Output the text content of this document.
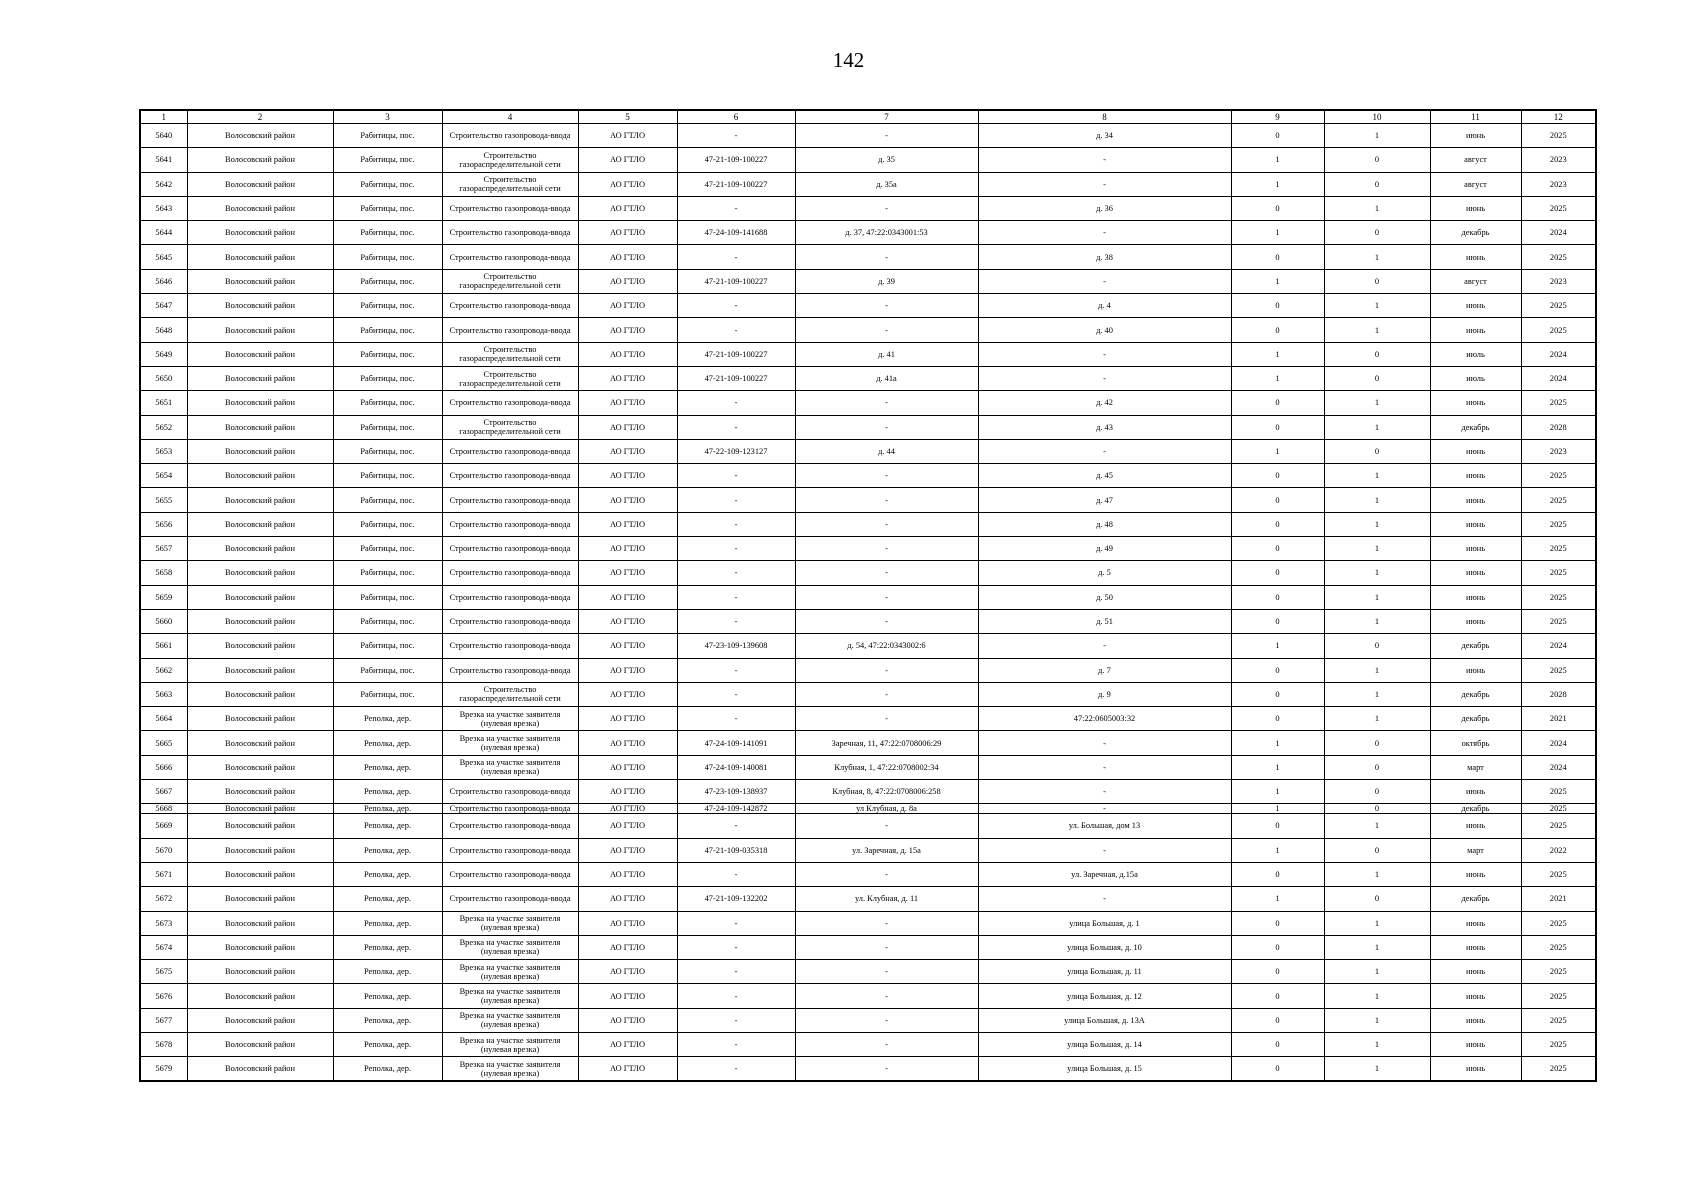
142
1	2	3	4	5	6	7	8	9	10	11	12
5640	Волосовский район	Рабитицы, пос.	Строительство газопровода-ввода	АО ГТЛО	-	-	д. 34	0	1	июнь	2025
5641	Волосовский район	Рабитицы, пос.	Строительство газораспределительной сети	АО ГТЛО	47-21-109-100227	д. 35	-	1	0	август	2023
5642	Волосовский район	Рабитицы, пос.	Строительство газораспределительной сети	АО ГТЛО	47-21-109-100227	д. 35а	-	1	0	август	2023
5643	Волосовский район	Рабитицы, пос.	Строительство газопровода-ввода	АО ГТЛО	-	-	д. 36	0	1	июнь	2025
5644	Волосовский район	Рабитицы, пос.	Строительство газопровода-ввода	АО ГТЛО	47-24-109-141688	д. 37, 47:22:0343001:53	-	1	0	декабрь	2024
5645	Волосовский район	Рабитицы, пос.	Строительство газопровода-ввода	АО ГТЛО	-	-	д. 38	0	1	июнь	2025
5646	Волосовский район	Рабитицы, пос.	Строительство газораспределительной сети	АО ГТЛО	47-21-109-100227	д. 39	-	1	0	август	2023
5647	Волосовский район	Рабитицы, пос.	Строительство газопровода-ввода	АО ГТЛО	-	-	д. 4	0	1	июнь	2025
5648	Волосовский район	Рабитицы, пос.	Строительство газопровода-ввода	АО ГТЛО	-	-	д. 40	0	1	июнь	2025
5649	Волосовский район	Рабитицы, пос.	Строительство газораспределительной сети	АО ГТЛО	47-21-109-100227	д. 41	-	1	0	июль	2024
5650	Волосовский район	Рабитицы, пос.	Строительство газораспределительной сети	АО ГТЛО	47-21-109-100227	д. 41а	-	1	0	июль	2024
5651	Волосовский район	Рабитицы, пос.	Строительство газопровода-ввода	АО ГТЛО	-	-	д. 42	0	1	июнь	2025
5652	Волосовский район	Рабитицы, пос.	Строительство газораспределительной сети	АО ГТЛО	-	-	д. 43	0	1	декабрь	2028
5653	Волосовский район	Рабитицы, пос.	Строительство газопровода-ввода	АО ГТЛО	47-22-109-123127	д. 44	-	1	0	июнь	2023
5654	Волосовский район	Рабитицы, пос.	Строительство газопровода-ввода	АО ГТЛО	-	-	д. 45	0	1	июнь	2025
5655	Волосовский район	Рабитицы, пос.	Строительство газопровода-ввода	АО ГТЛО	-	-	д. 47	0	1	июнь	2025
5656	Волосовский район	Рабитицы, пос.	Строительство газопровода-ввода	АО ГТЛО	-	-	д. 48	0	1	июнь	2025
5657	Волосовский район	Рабитицы, пос.	Строительство газопровода-ввода	АО ГТЛО	-	-	д. 49	0	1	июнь	2025
5658	Волосовский район	Рабитицы, пос.	Строительство газопровода-ввода	АО ГТЛО	-	-	д. 5	0	1	июнь	2025
5659	Волосовский район	Рабитицы, пос.	Строительство газопровода-ввода	АО ГТЛО	-	-	д. 50	0	1	июнь	2025
5660	Волосовский район	Рабитицы, пос.	Строительство газопровода-ввода	АО ГТЛО	-	-	д. 51	0	1	июнь	2025
5661	Волосовский район	Рабитицы, пос.	Строительство газопровода-ввода	АО ГТЛО	47-23-109-139608	д. 54, 47:22:0343002:6	-	1	0	декабрь	2024
5662	Волосовский район	Рабитицы, пос.	Строительство газопровода-ввода	АО ГТЛО	-	-	д. 7	0	1	июнь	2025
5663	Волосовский район	Рабитицы, пос.	Строительство газораспределительной сети	АО ГТЛО	-	-	д. 9	0	1	декабрь	2028
5664	Волосовский район	Реполка, дер.	Врезка на участке заявителя (нулевая врезка)	АО ГТЛО	-	-	47:22:0605003:32	0	1	декабрь	2021
5665	Волосовский район	Реполка, дер.	Врезка на участке заявителя (нулевая врезка)	АО ГТЛО	47-24-109-141091	Заречная, 11, 47:22:0708006:29	-	1	0	октябрь	2024
5666	Волосовский район	Реполка, дер.	Врезка на участке заявителя (нулевая врезка)	АО ГТЛО	47-24-109-140081	Клубная, 1, 47:22:0708002:34	-	1	0	март	2024
5667	Волосовский район	Реполка, дер.	Строительство газопровода-ввода	АО ГТЛО	47-23-109-138937	Клубная, 8, 47:22:0708006:258	-	1	0	июнь	2025
5668	Волосовский район	Реполка, дер.	Строительство газопровода-ввода	АО ГТЛО	47-24-109-142872	ул Клубная, д. 8а	-	1	0	декабрь	2025
5669	Волосовский район	Реполка, дер.	Строительство газопровода-ввода	АО ГТЛО	-	-	ул. Большая, дом 13	0	1	июнь	2025
5670	Волосовский район	Реполка, дер.	Строительство газопровода-ввода	АО ГТЛО	47-21-109-035318	ул. Заречная, д. 15а	-	1	0	март	2022
5671	Волосовский район	Реполка, дер.	Строительство газопровода-ввода	АО ГТЛО	-	-	ул. Заречная, д.15а	0	1	июнь	2025
5672	Волосовский район	Реполка, дер.	Строительство газопровода-ввода	АО ГТЛО	47-21-109-132202	ул. Клубная, д. 11	-	1	0	декабрь	2021
5673	Волосовский район	Реполка, дер.	Врезка на участке заявителя (нулевая врезка)	АО ГТЛО	-	-	улица Большая, д. 1	0	1	июнь	2025
5674	Волосовский район	Реполка, дер.	Врезка на участке заявителя (нулевая врезка)	АО ГТЛО	-	-	улица Большая, д. 10	0	1	июнь	2025
5675	Волосовский район	Реполка, дер.	Врезка на участке заявителя (нулевая врезка)	АО ГТЛО	-	-	улица Большая, д. 11	0	1	июнь	2025
5676	Волосовский район	Реполка, дер.	Врезка на участке заявителя (нулевая врезка)	АО ГТЛО	-	-	улица Большая, д. 12	0	1	июнь	2025
5677	Волосовский район	Реполка, дер.	Врезка на участке заявителя (нулевая врезка)	АО ГТЛО	-	-	улица Большая, д. 13А	0	1	июнь	2025
5678	Волосовский район	Реполка, дер.	Врезка на участке заявителя (нулевая врезка)	АО ГТЛО	-	-	улица Большая, д. 14	0	1	июнь	2025
5679	Волосовский район	Реполка, дер.	Врезка на участке заявителя (нулевая врезка)	АО ГТЛО	-	-	улица Большая, д. 15	0	1	июнь	2025
